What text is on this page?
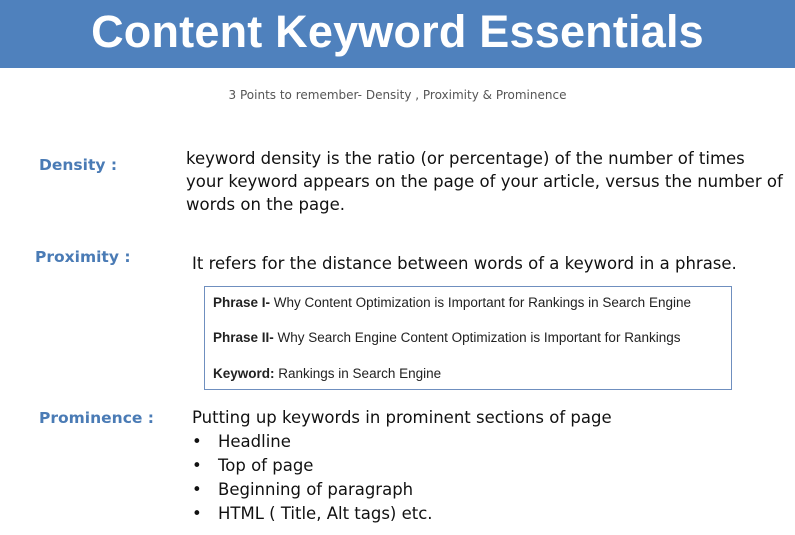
Content Keyword Essentials
3 Points to remember- Density , Proximity & Prominence
Density :	keyword density is the ratio (or percentage) of the number of times your keyword appears on the page of your article, versus the number of words on the page.
Proximity :	It refers for the distance between words of a keyword in a phrase.
Phrase I- Why Content Optimization is Important for Rankings in Search Engine
Phrase II- Why Search Engine Content Optimization is Important for Rankings
Keyword: Rankings in Search Engine
Prominence : Putting up keywords in prominent sections of page
• Headline
• Top of page
• Beginning of paragraph
• HTML ( Title, Alt tags) etc.
